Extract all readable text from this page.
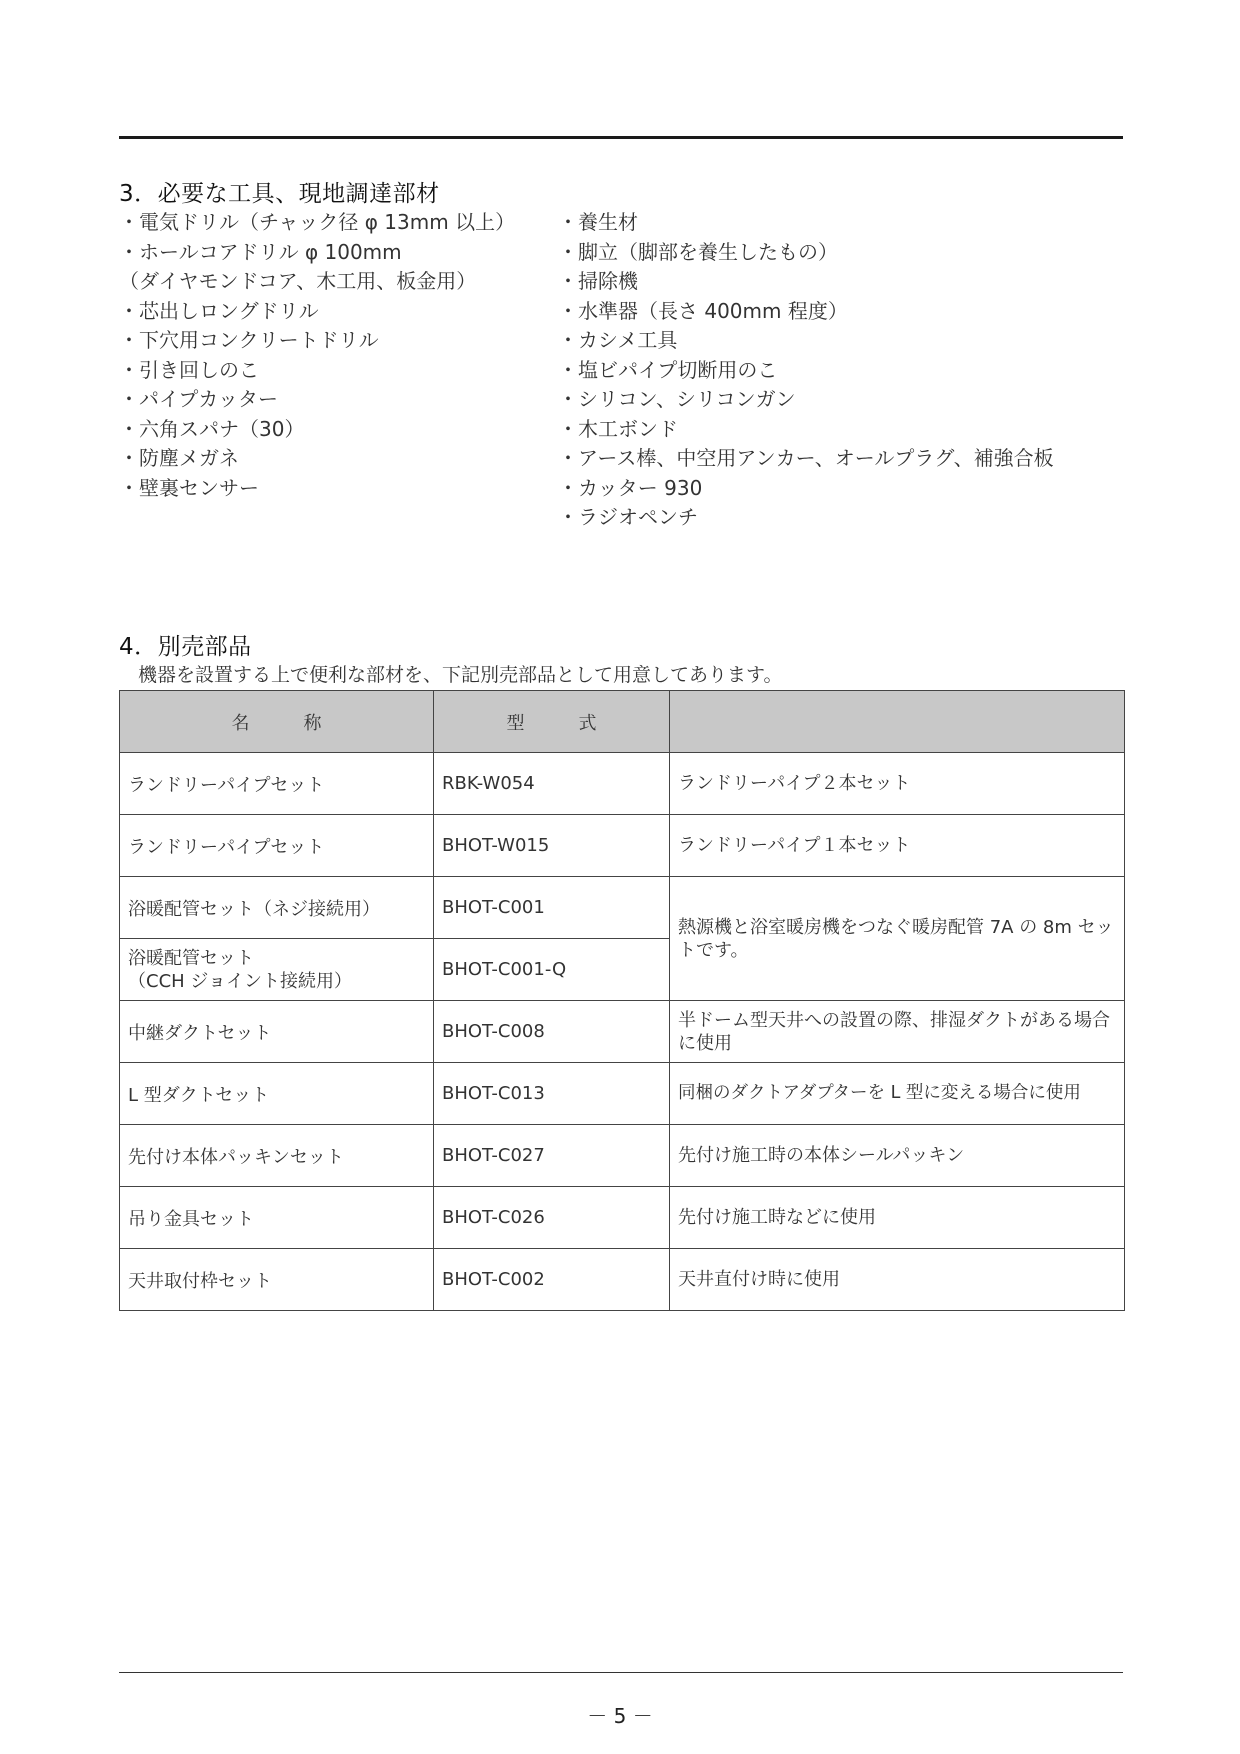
3．必要な工具、現地調達部材
・電気ドリル（チャック径 φ 13mm 以上）
・ホールコアドリル φ 100mm
（ダイヤモンドコア、木工用、板金用）
・芯出しロングドリル
・下穴用コンクリートドリル
・引き回しのこ
・パイプカッター
・六角スパナ（30）
・防塵メガネ
・壁裏センサー
・養生材
・脚立（脚部を養生したもの）
・掃除機
・水準器（長さ 400mm 程度）
・カシメ工具
・塩ビパイプ切断用のこ
・シリコン、シリコンガン
・木工ボンド
・アース棒、中空用アンカー、オールプラグ、補強合板
・カッター 930
・ラジオペンチ
4．別売部品

機器を設置する上で便利な部材を、下記別売部品として用意してあります。

名　　　称	型　　　式	
ランドリーパイプセット	RBK-W054	ランドリーパイプ２本セット
ランドリーパイプセット	BHOT-W015	ランドリーパイプ１本セット
浴暖配管セット（ネジ接続用）	BHOT-C001	熱源機と浴室暖房機をつなぐ暖房配管 7A の 8m セットです。
浴暖配管セット
（CCH ジョイント接続用）	BHOT-C001-Q	
中継ダクトセット	BHOT-C008	半ドーム型天井への設置の際、排湿ダクトがある場合に使用
L 型ダクトセット	BHOT-C013	同梱のダクトアダプターを L 型に変える場合に使用
先付け本体パッキンセット	BHOT-C027	先付け施工時の本体シールパッキン
吊り金具セット	BHOT-C026	先付け施工時などに使用
天井取付枠セット	BHOT-C002	天井直付け時に使用
－ 5 －
